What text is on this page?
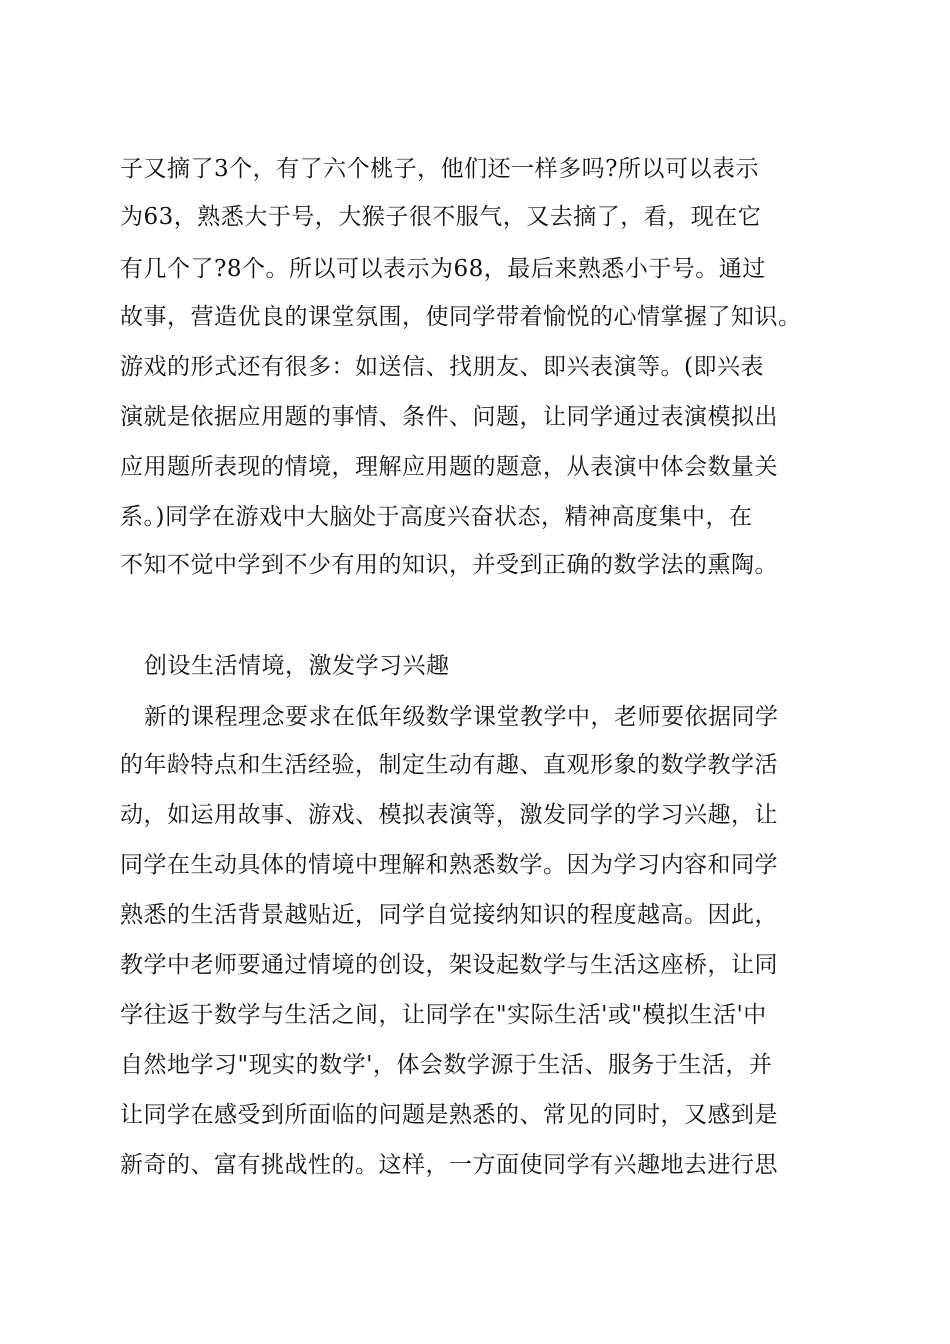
子又摘了3个，有了六个桃子，他们还一样多吗?所以可以表示
为63，熟悉大于号，大猴子很不服气，又去摘了，看，现在它
有几个了?8个。所以可以表示为68，最后来熟悉小于号。通过
故事，营造优良的课堂氛围，使同学带着愉悦的心情掌握了知识。
游戏的形式还有很多：如送信、找朋友、即兴表演等。(即兴表
演就是依据应用题的事情、条件、问题，让同学通过表演模拟出
应用题所表现的情境，理解应用题的题意，从表演中体会数量关
系。)同学在游戏中大脑处于高度兴奋状态，精神高度集中，在
不知不觉中学到不少有用的知识，并受到正确的数学法的熏陶。
创设生活情境，激发学习兴趣
新的课程理念要求在低年级数学课堂教学中，老师要依据同学
的年龄特点和生活经验，制定生动有趣、直观形象的数学教学活
动，如运用故事、游戏、模拟表演等，激发同学的学习兴趣，让
同学在生动具体的情境中理解和熟悉数学。因为学习内容和同学
熟悉的生活背景越贴近，同学自觉接纳知识的程度越高。因此，
教学中老师要通过情境的创设，架设起数学与生活这座桥，让同
学往返于数学与生活之间，让同学在"实际生活'或"模拟生活'中
自然地学习"现实的数学'，体会数学源于生活、服务于生活，并
让同学在感受到所面临的问题是熟悉的、常见的同时，又感到是
新奇的、富有挑战性的。这样，一方面使同学有兴趣地去进行思
